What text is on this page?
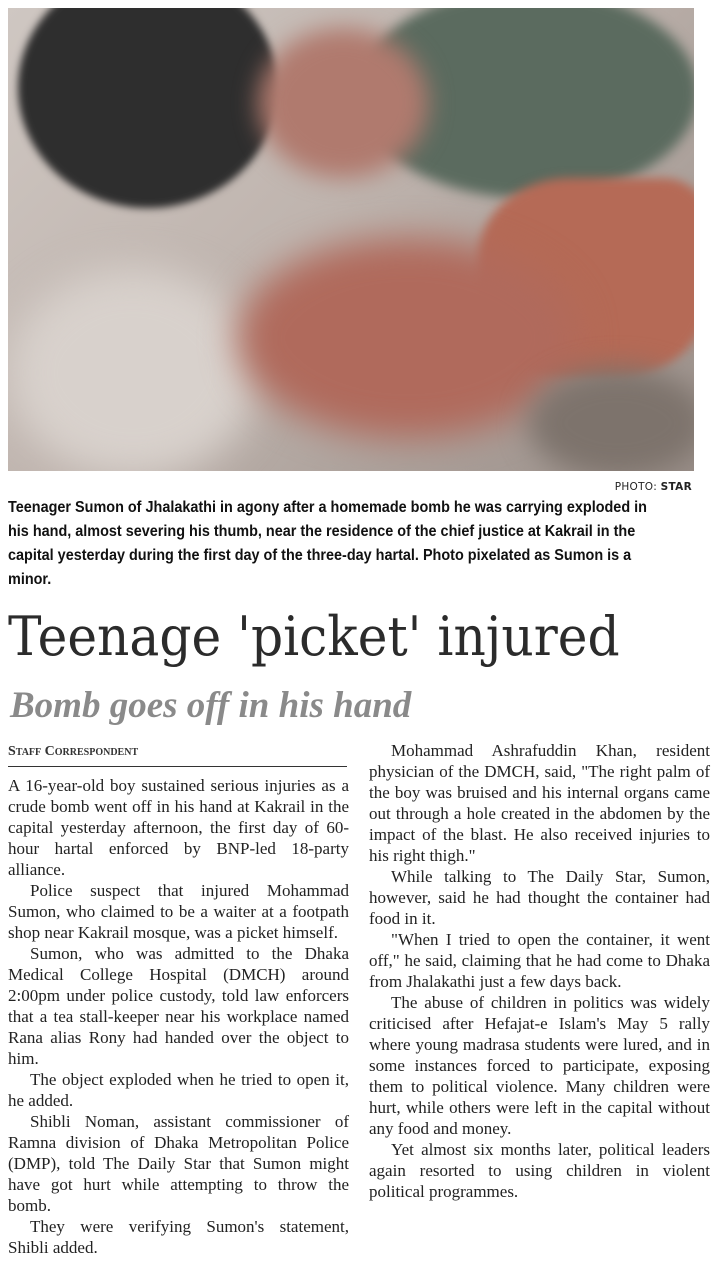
PHOTO: STAR
Teenager Sumon of Jhalakathi in agony after a homemade bomb he was carrying exploded in his hand, almost severing his thumb, near the residence of the chief justice at Kakrail in the capital yesterday during the first day of the three-day hartal. Photo pixelated as Sumon is a minor.
Teenage 'picket' injured
Bomb goes off in his hand
Staff Correspondent

A 16-year-old boy sustained serious injuries as a crude bomb went off in his hand at Kakrail in the capital yesterday afternoon, the first day of 60-hour hartal enforced by BNP-led 18-party alliance.

Police suspect that injured Mohammad Sumon, who claimed to be a waiter at a footpath shop near Kakrail mosque, was a picket himself.

Sumon, who was admitted to the Dhaka Medical College Hospital (DMCH) around 2:00pm under police custody, told law enforcers that a tea stall-keeper near his workplace named Rana alias Rony had handed over the object to him.

The object exploded when he tried to open it, he added.

Shibli Noman, assistant commissioner of Ramna division of Dhaka Metropolitan Police (DMP), told The Daily Star that Sumon might have got hurt while attempting to throw the bomb.

They were verifying Sumon's statement, Shibli added.

Mohammad Ashrafuddin Khan, resident physician of the DMCH, said, "The right palm of the boy was bruised and his internal organs came out through a hole created in the abdomen by the impact of the blast. He also received injuries to his right thigh."

While talking to The Daily Star, Sumon, however, said he had thought the container had food in it.

"When I tried to open the container, it went off," he said, claiming that he had come to Dhaka from Jhalakathi just a few days back.

The abuse of children in politics was widely criticised after Hefajat-e Islam's May 5 rally where young madrasa students were lured, and in some instances forced to participate, exposing them to political violence. Many children were hurt, while others were left in the capital without any food and money.

Yet almost six months later, political leaders again resorted to using children in violent political programmes.
